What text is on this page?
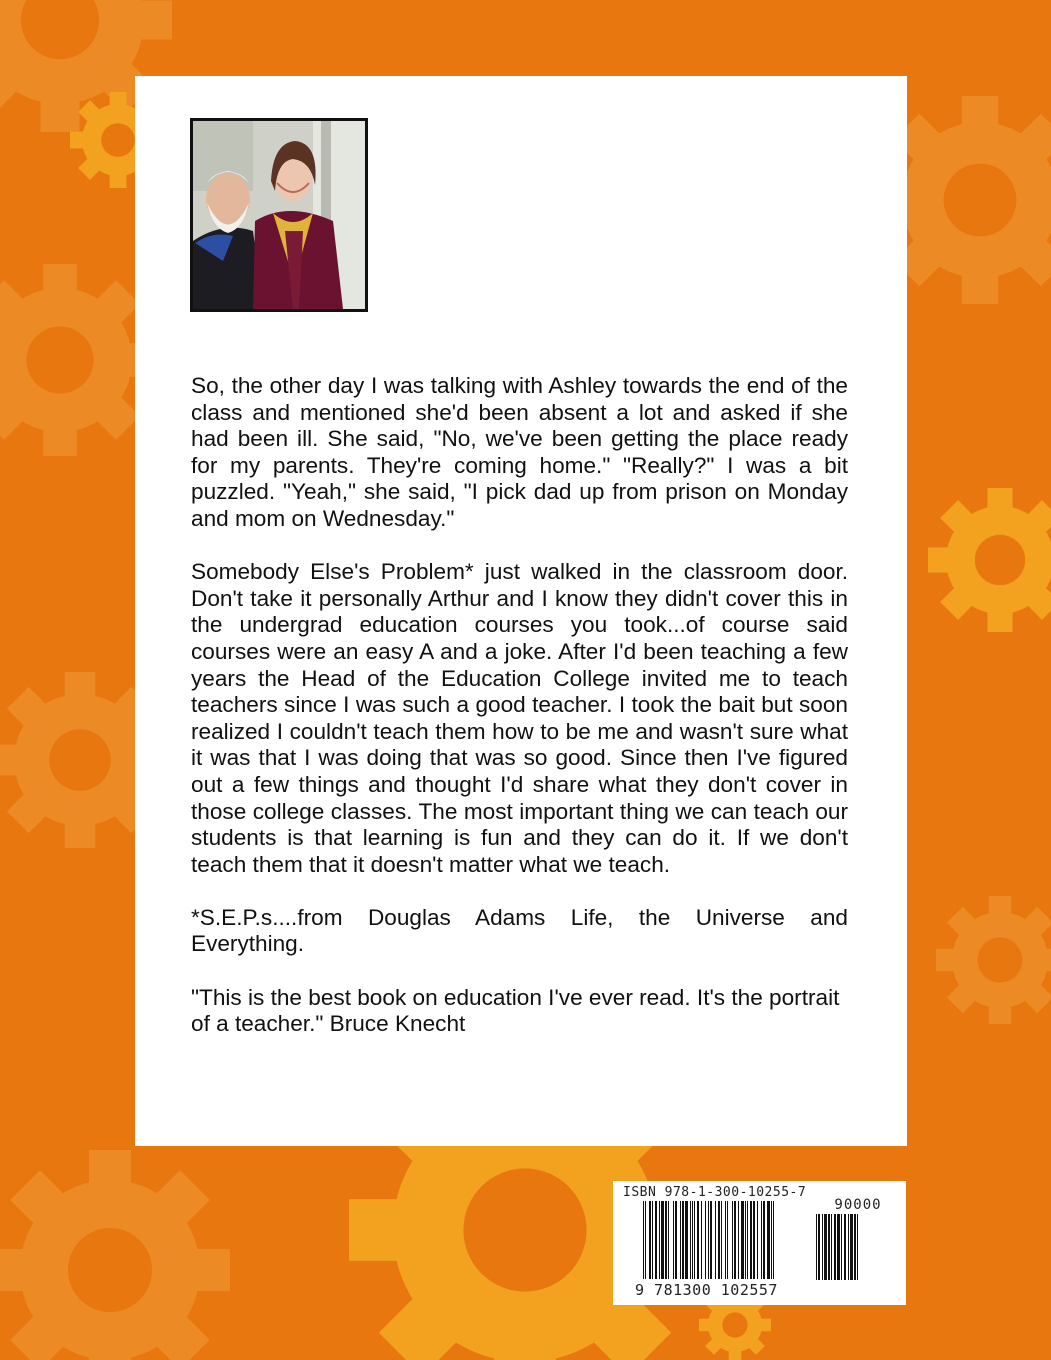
So, the other day I was talking with Ashley towards the end of the class and mentioned she'd been absent a lot and asked if she had been ill. She said, "No, we've been getting the place ready for my parents. They're coming home." "Really?" I was a bit puzzled. "Yeah," she said, "I pick dad up from prison on Monday and mom on Wednesday."

Somebody Else's Problem* just walked in the classroom door. Don't take it personally Arthur and I know they didn't cover this in the undergrad education courses you took...of course said courses were an easy A and a joke. After I'd been teaching a few years the Head of the Education College invited me to teach teachers since I was such a good teacher. I took the bait but soon realized I couldn't teach them how to be me and wasn't sure what it was that I was doing that was so good. Since then I've figured out a few things and thought I'd share what they don't cover in those college classes. The most important thing we can teach our students is that learning is fun and they can do it. If we don't teach them that it doesn't matter what we teach.

*S.E.P.s....from Douglas Adams Life, the Universe and Everything.

"This is the best book on education I've ever read. It's the portrait of a teacher." Bruce Knecht

ISBN 978-1-300-10255-7
90000
9 781300 102557
